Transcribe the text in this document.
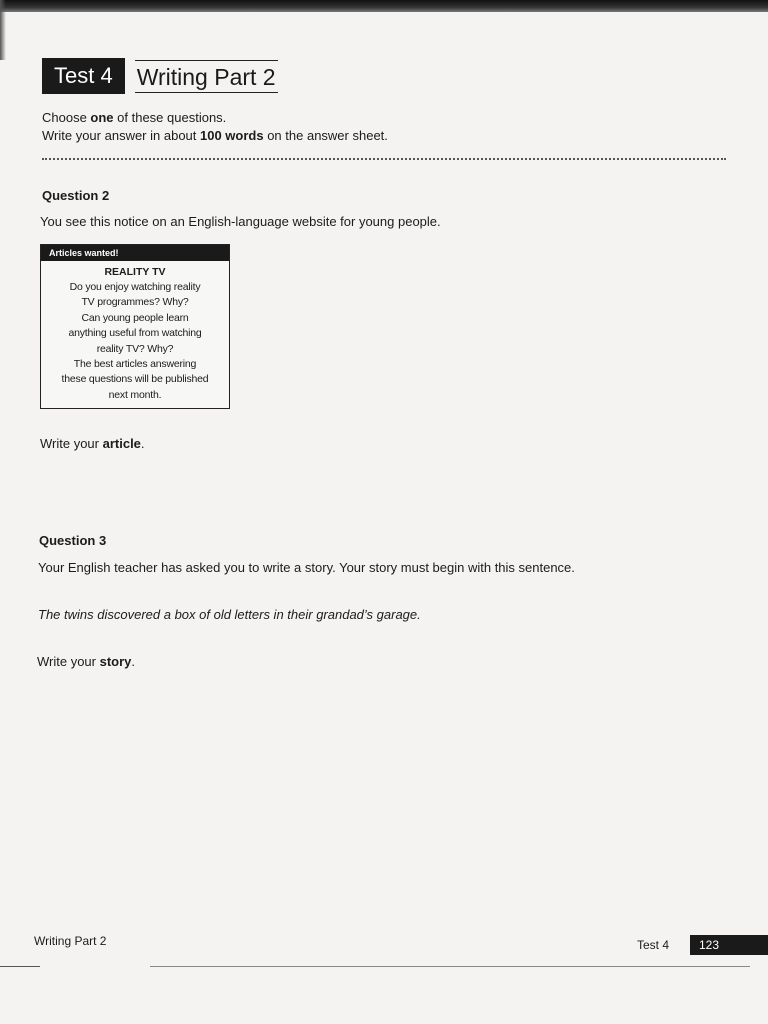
Test 4	Writing Part 2
Choose one of these questions.
Write your answer in about 100 words on the answer sheet.
Question 2
You see this notice on an English-language website for young people.
Articles wanted!
REALITY TV
Do you enjoy watching reality
TV programmes? Why?
Can young people learn
anything useful from watching
reality TV? Why?
The best articles answering
these questions will be published
next month.
Write your article.
Question 3
Your English teacher has asked you to write a story. Your story must begin with this sentence.
The twins discovered a box of old letters in their grandad’s garage.
Write your story.
Writing Part 2	Test 4	123
